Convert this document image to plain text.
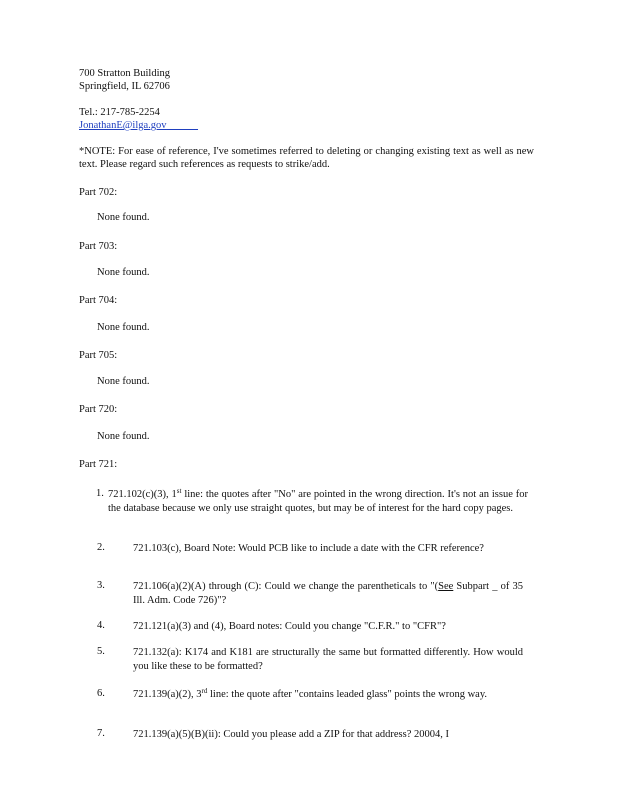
700 Stratton Building
Springfield, IL 62706
Tel.: 217-785-2254
JonathanE@ilga.gov
*NOTE: For ease of reference, I've sometimes referred to deleting or changing existing text as well as new text. Please regard such references as requests to strike/add.
Part 702:
None found.
Part 703:
None found.
Part 704:
None found.
Part 705:
None found.
Part 720:
None found.
Part 721:
1. 721.102(c)(3), 1st line: the quotes after "No" are pointed in the wrong direction. It's not an issue for the database because we only use straight quotes, but may be of interest for the hard copy pages.
2.	721.103(c), Board Note: Would PCB like to include a date with the CFR reference?
3.	721.106(a)(2)(A) through (C): Could we change the parentheticals to "(See Subpart _ of 35 Ill. Adm. Code 726)"?
4.	721.121(a)(3) and (4), Board notes: Could you change "C.F.R." to "CFR"?
5.	721.132(a): K174 and K181 are structurally the same but formatted differently. How would you like these to be formatted?
6.	721.139(a)(2), 3rd line: the quote after "contains leaded glass" points the wrong way.
7.	721.139(a)(5)(B)(ii): Could you please add a ZIP for that address? 20004, I
